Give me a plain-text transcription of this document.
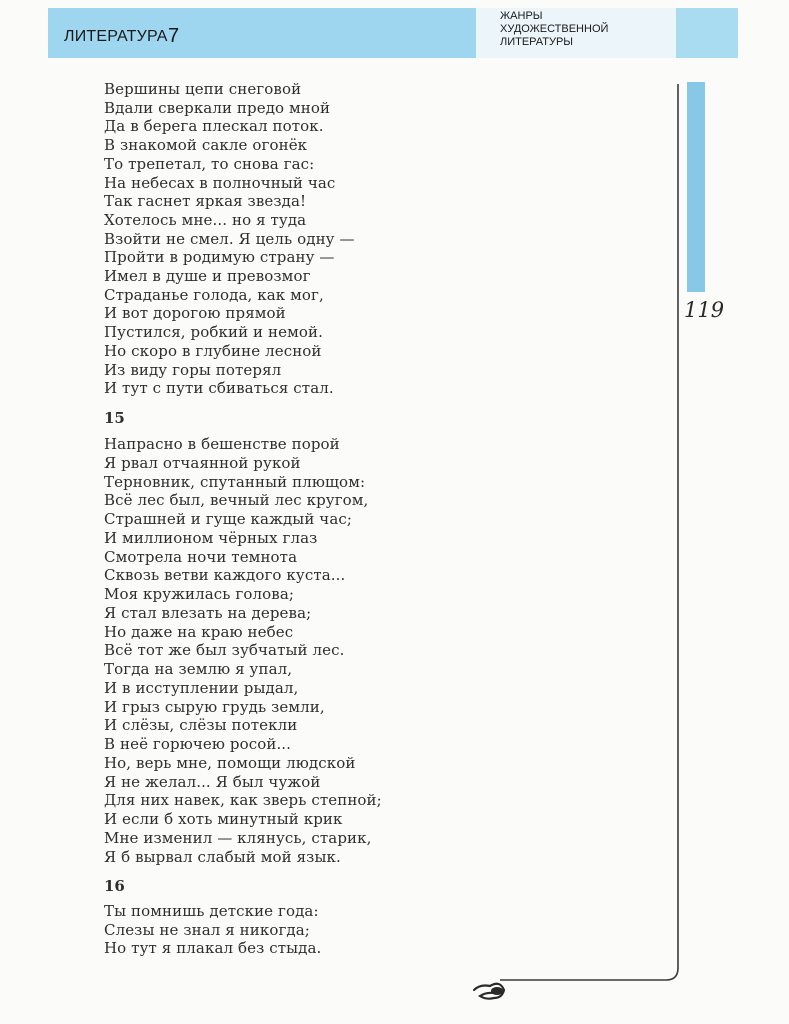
ЛИТЕРАТУРА 7
ЖАНРЫ
ХУДОЖЕСТВЕННОЙ
ЛИТЕРАТУРЫ
119
Вершины цепи снеговой
Вдали сверкали предо мной
Да в берега плескал поток.
В знакомой сакле огонёк
То трепетал, то снова гас:
На небесах в полночный час
Так гаснет яркая звезда!
Хотелось мне... но я туда
Взойти не смел. Я цель одну —
Пройти в родимую страну —
Имел в душе и превозмог
Страданье голода, как мог,
И вот дорогою прямой
Пустился, робкий и немой.
Но скоро в глубине лесной
Из виду горы потерял
И тут с пути сбиваться стал.
15
Напрасно в бешенстве порой
Я рвал отчаянной рукой
Терновник, спутанный плющом:
Всё лес был, вечный лес кругом,
Страшней и гуще каждый час;
И миллионом чёрных глаз
Смотрела ночи темнота
Сквозь ветви каждого куста...
Моя кружилась голова;
Я стал влезать на дерева;
Но даже на краю небес
Всё тот же был зубчатый лес.
Тогда на землю я упал,
И в исступлении рыдал,
И грыз сырую грудь земли,
И слёзы, слёзы потекли
В неё горючею росой...
Но, верь мне, помощи людской
Я не желал... Я был чужой
Для них навек, как зверь степной;
И если б хоть минутный крик
Мне изменил — клянусь, старик,
Я б вырвал слабый мой язык.
16
Ты помнишь детские года:
Слезы не знал я никогда;
Но тут я плакал без стыда.
